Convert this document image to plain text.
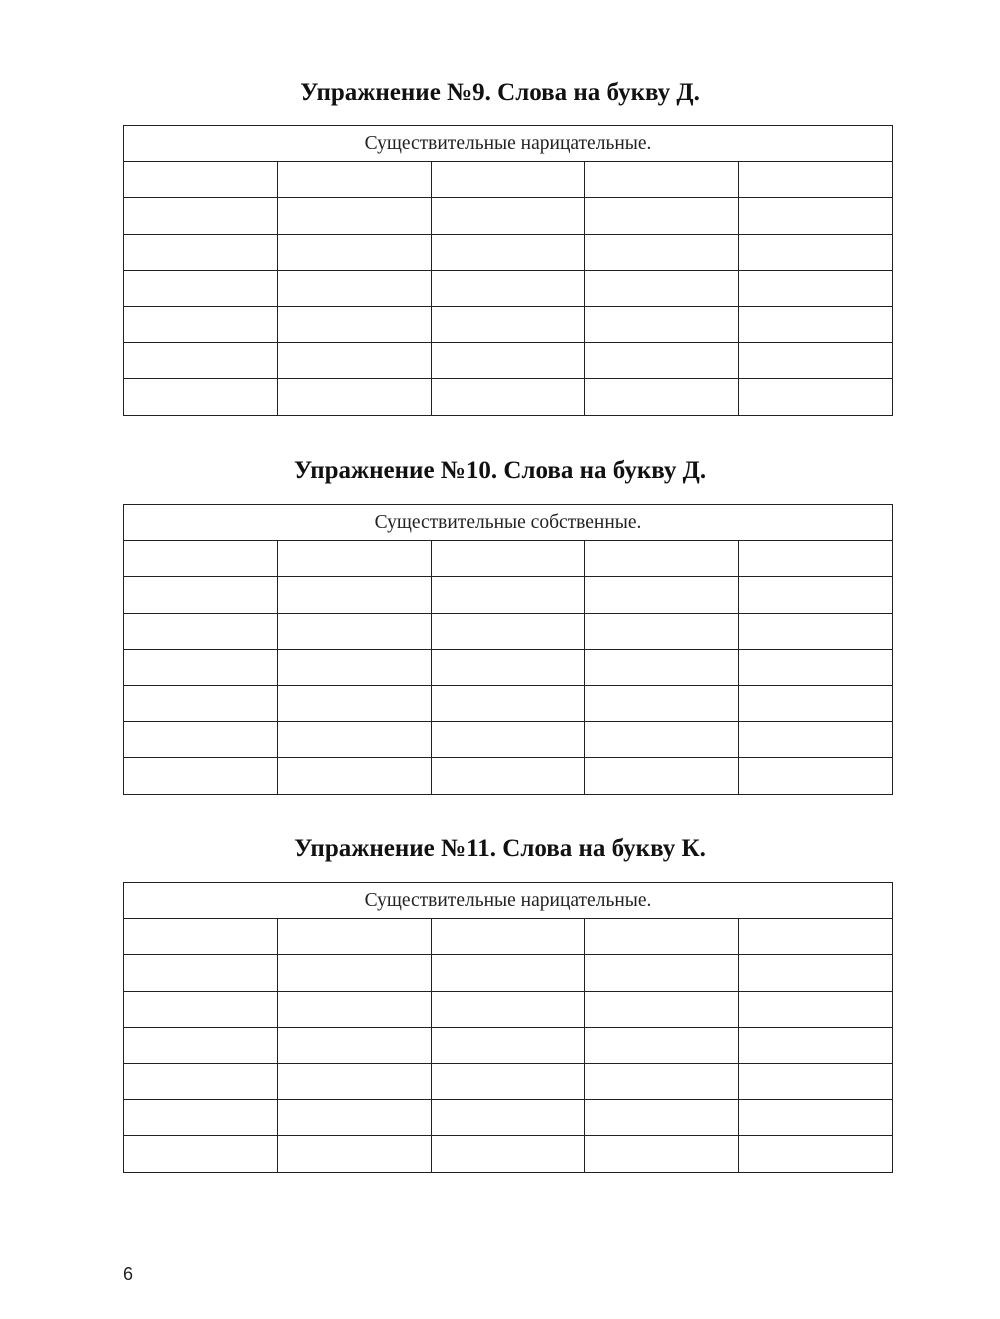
Упражнение №9. Слова на букву Д.
Существительные нарицательные.				

Упражнение №10. Слова на букву Д.
Существительные собственные.				

Упражнение №11. Слова на букву К.
Существительные нарицательные.				

6
